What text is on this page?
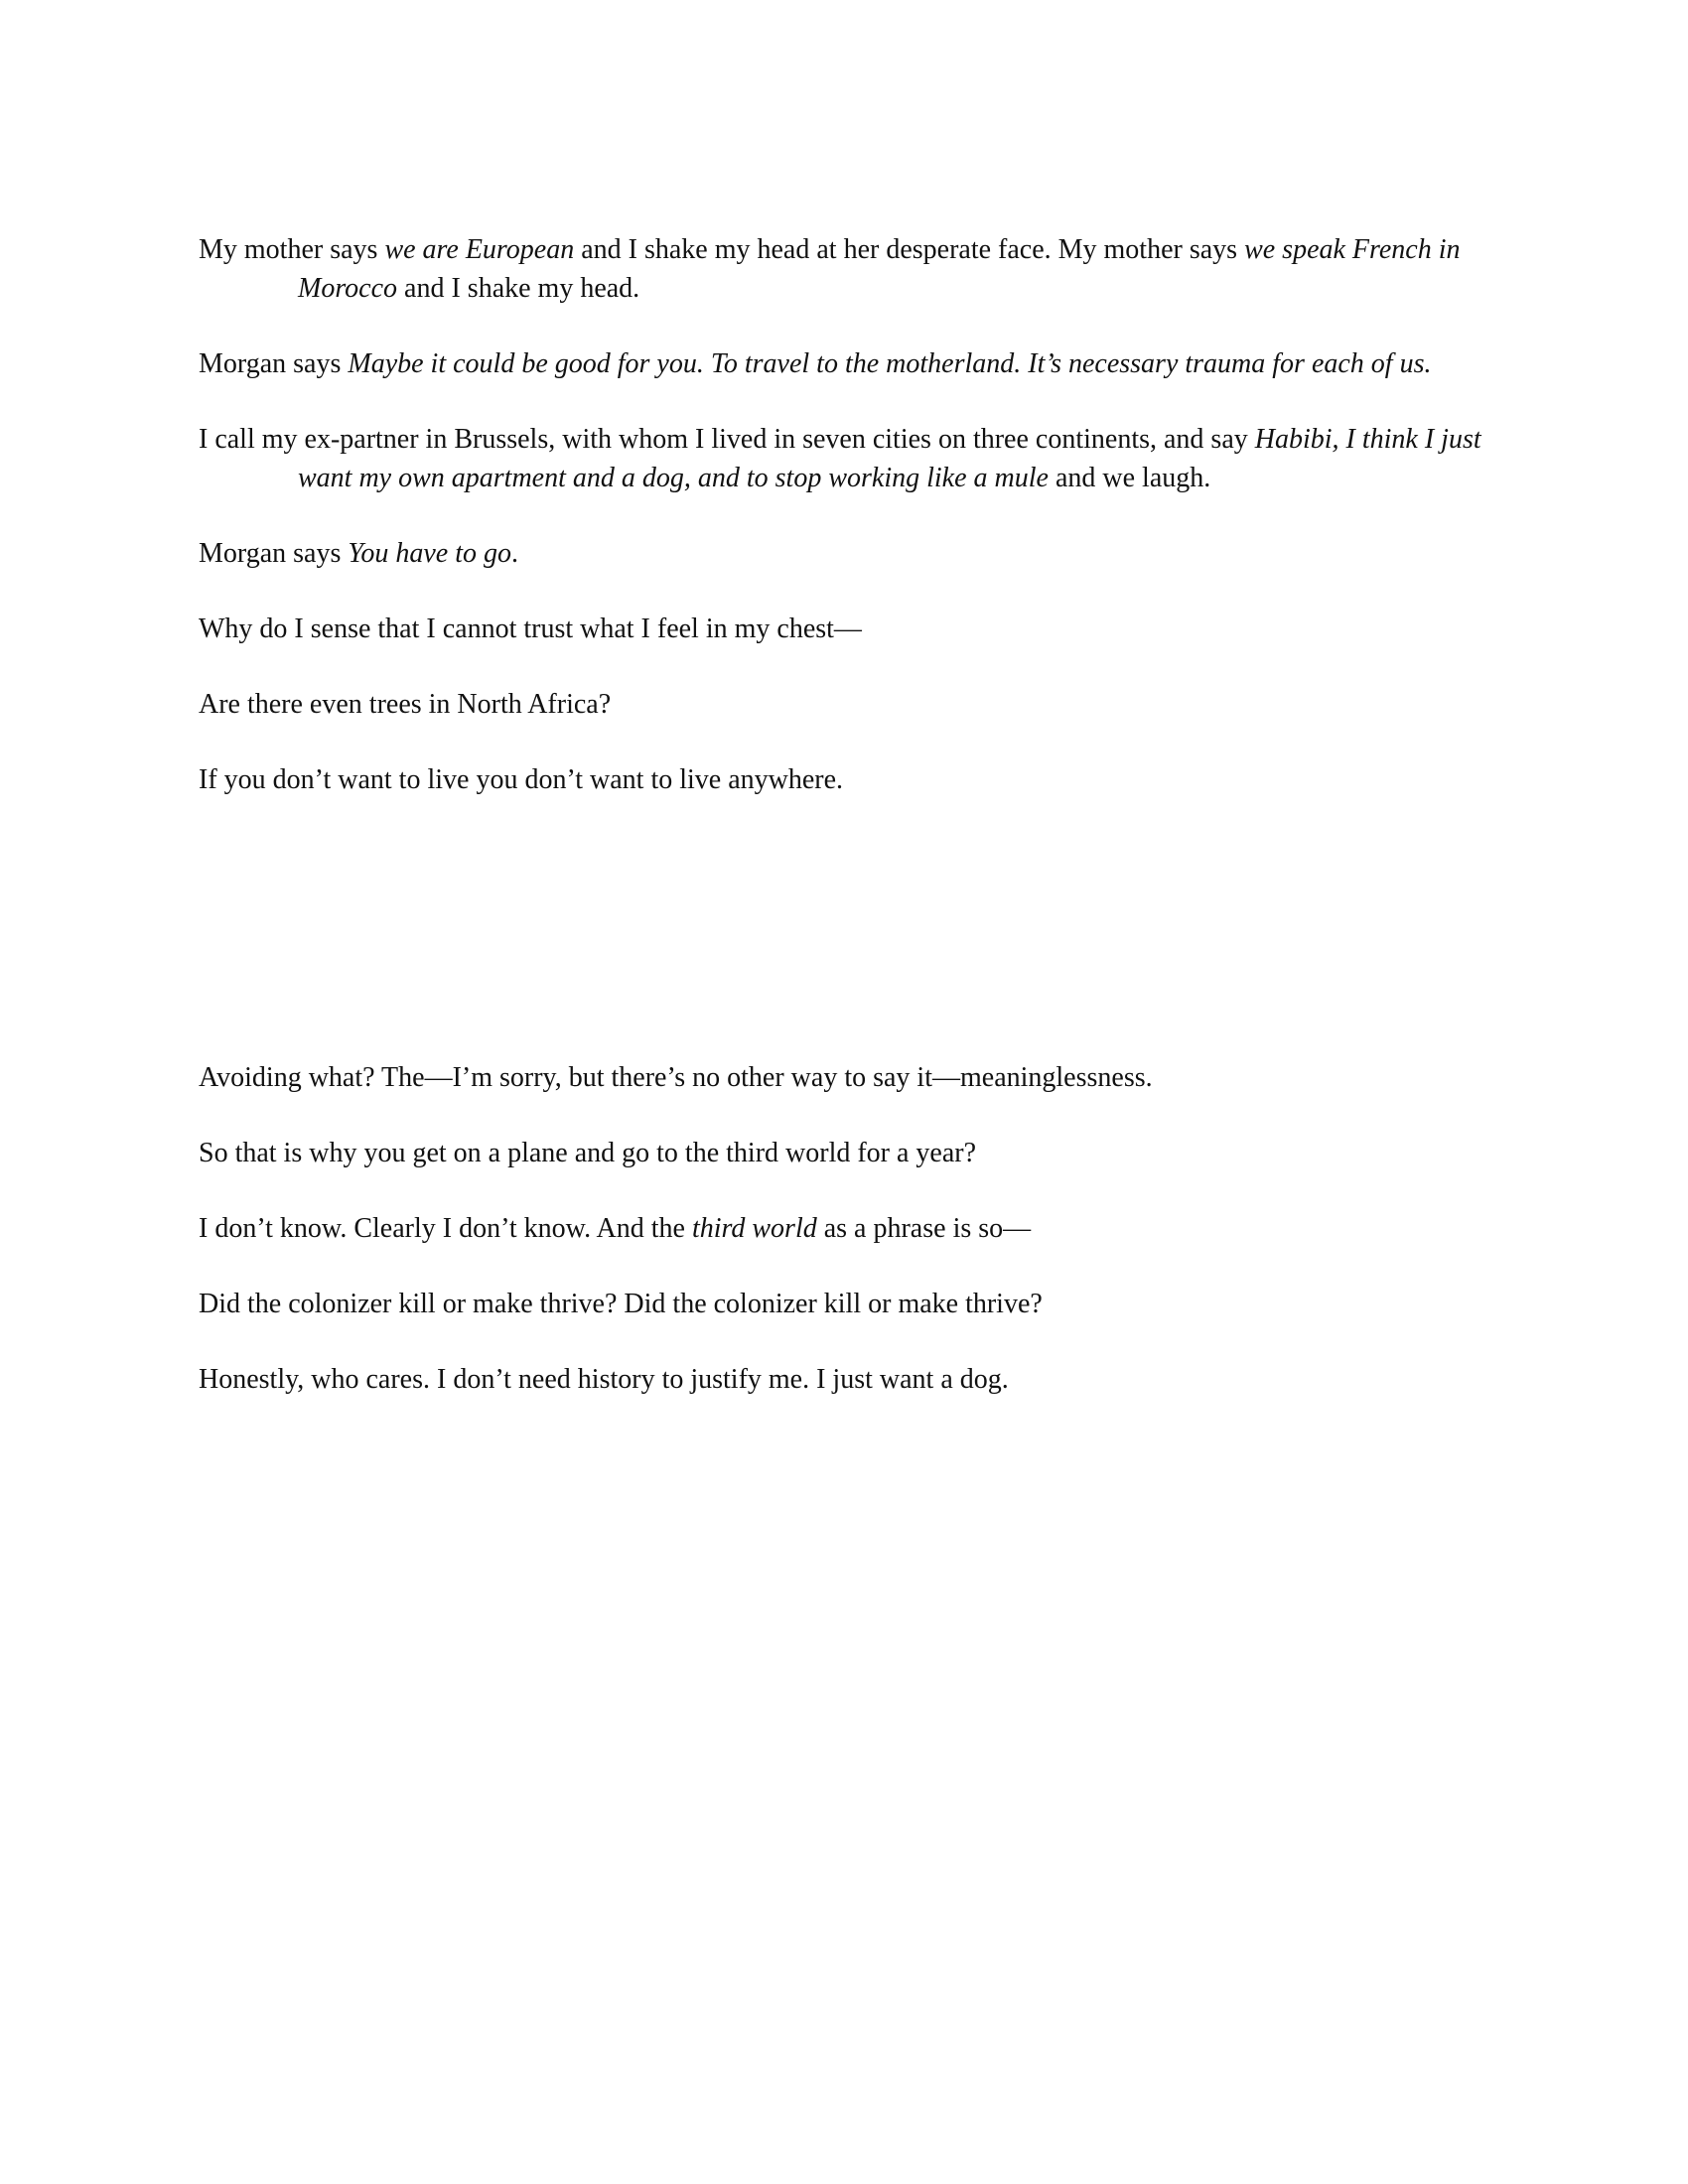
My mother says we are European and I shake my head at her desperate face. My mother says we speak French in Morocco and I shake my head.

Morgan says Maybe it could be good for you. To travel to the motherland. It’s necessary trauma for each of us.

I call my ex-partner in Brussels, with whom I lived in seven cities on three continents, and say Habibi, I think I just want my own apartment and a dog, and to stop working like a mule and we laugh.

Morgan says You have to go.

Why do I sense that I cannot trust what I feel in my chest—

Are there even trees in North Africa?

If you don’t want to live you don’t want to live anywhere.

Avoiding what? The—I’m sorry, but there’s no other way to say it—meaninglessness.

So that is why you get on a plane and go to the third world for a year?

I don’t know. Clearly I don’t know. And the third world as a phrase is so—

Did the colonizer kill or make thrive? Did the colonizer kill or make thrive?

Honestly, who cares. I don’t need history to justify me. I just want a dog.
